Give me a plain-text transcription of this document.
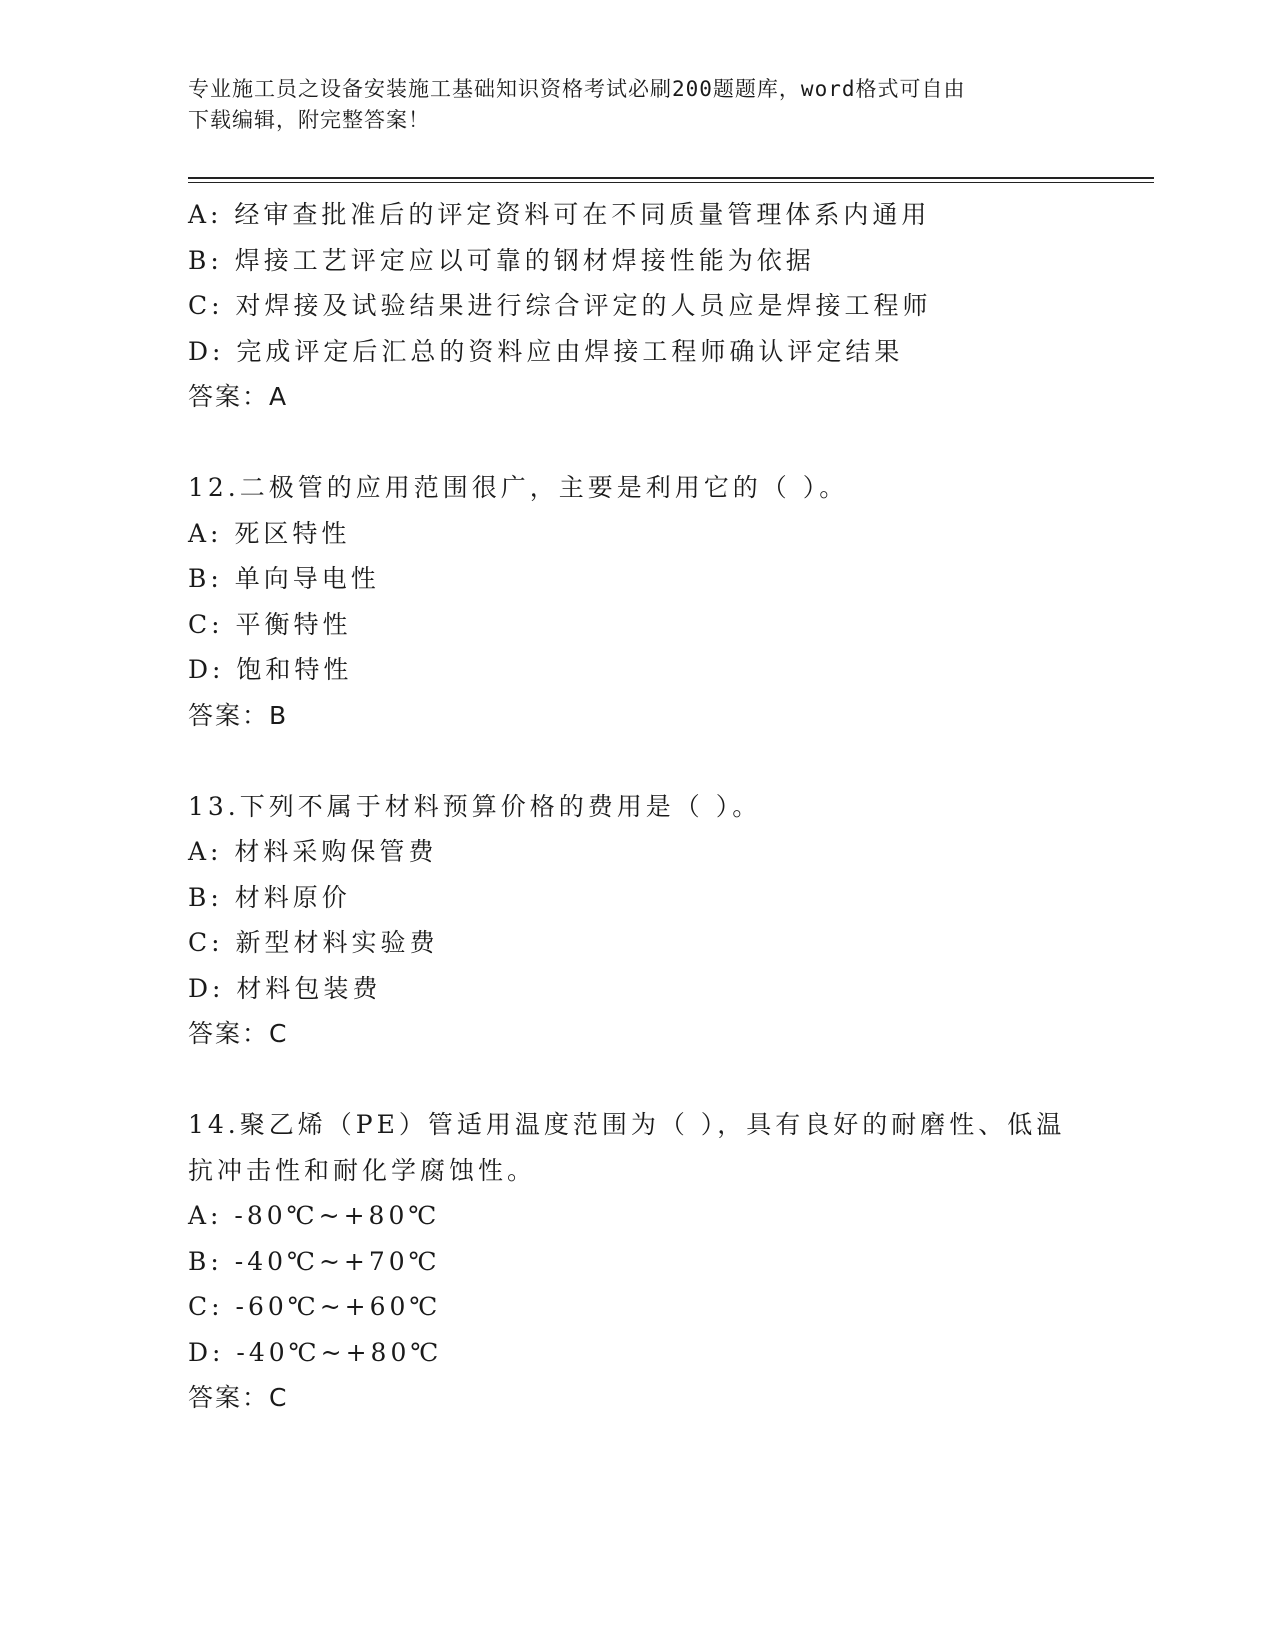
专业施工员之设备安装施工基础知识资格考试必刷200题题库，word格式可自由
下载编辑，附完整答案！
A: 经审查批准后的评定资料可在不同质量管理体系内通用
B: 焊接工艺评定应以可靠的钢材焊接性能为依据
C: 对焊接及试验结果进行综合评定的人员应是焊接工程师
D: 完成评定后汇总的资料应由焊接工程师确认评定结果
答案：A
12.二极管的应用范围很广，主要是利用它的（ ）。
A: 死区特性
B: 单向导电性
C: 平衡特性
D: 饱和特性
答案：B
13.下列不属于材料预算价格的费用是（ ）。
A: 材料采购保管费
B: 材料原价
C: 新型材料实验费
D: 材料包装费
答案：C
14.聚乙烯（PE）管适用温度范围为（ ），具有良好的耐磨性、低温
抗冲击性和耐化学腐蚀性。
A: -80℃~+80℃
B: -40℃~+70℃
C: -60℃~+60℃
D: -40℃~+80℃
答案：C
